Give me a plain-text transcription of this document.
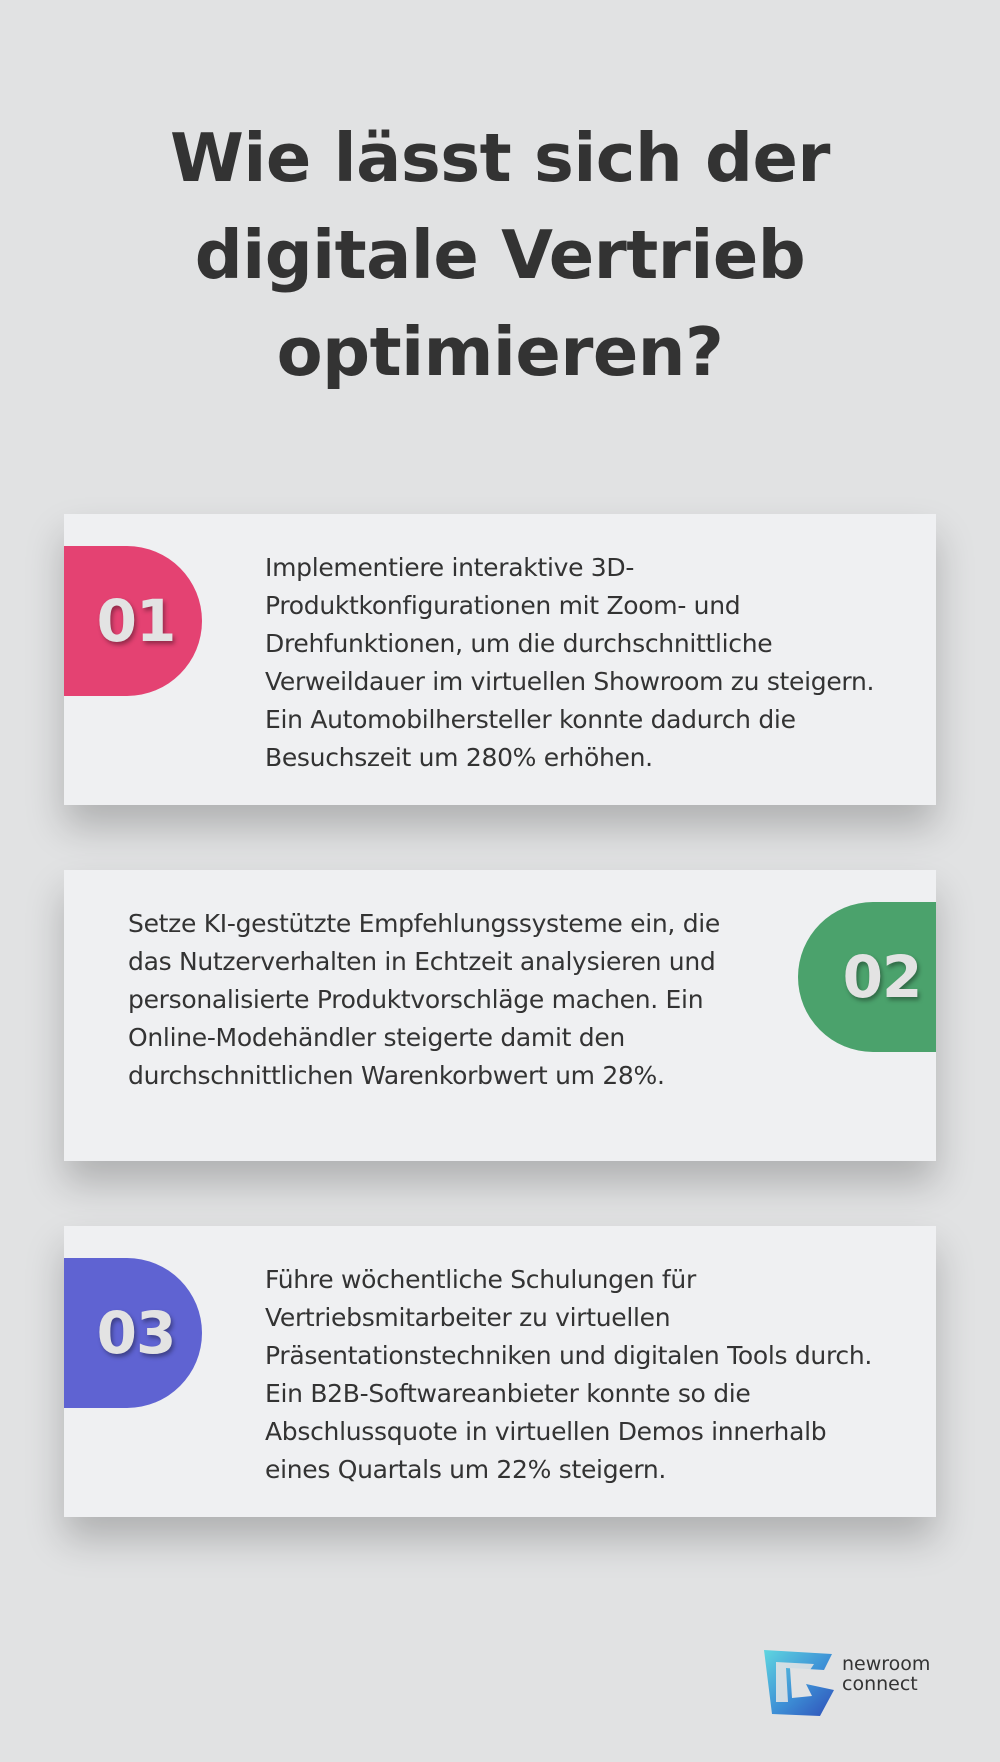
Wie lässt sich der digitale Vertrieb optimieren?
01

Implementiere interaktive 3D-Produktkonfigurationen mit Zoom- und Drehfunktionen, um die durchschnittliche Verweildauer im virtuellen Showroom zu steigern. Ein Automobilhersteller konnte dadurch die Besuchszeit um 280% erhöhen.

Setze KI-gestützte Empfehlungssysteme ein, die das Nutzerverhalten in Echtzeit analysieren und personalisierte Produktvorschläge machen. Ein Online-Modehändler steigerte damit den durchschnittlichen Warenkorbwert um 28%.

02
03

Führe wöchentliche Schulungen für Vertriebsmitarbeiter zu virtuellen Präsentationstechniken und digitalen Tools durch. Ein B2B-Softwareanbieter konnte so die Abschlussquote in virtuellen Demos innerhalb eines Quartals um 22% steigern.

newroom
connect
